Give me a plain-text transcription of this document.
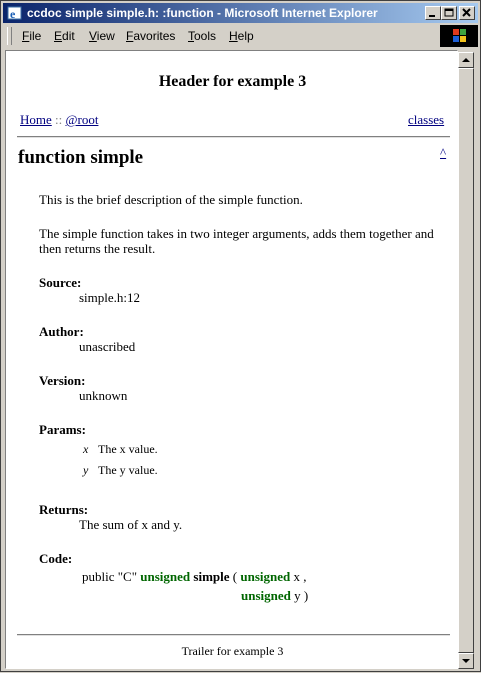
e ccdoc simple simple.h: :function - Microsoft Internet Explorer
File Edit View Favorites Tools Help
Header for example 3
Home :: @root	classes
function simple	^
This is the brief description of the simple function.
The simple function takes in two integer arguments, adds them together and
then returns the result.
Source:
simple.h:12
Author:
unascribed
Version:
unknown
Params:
x The x value.
y The y value.
Returns:
The sum of x and y.
Code:
public "C" unsigned simple ( unsigned x ,
unsigned y )
Trailer for example 3
